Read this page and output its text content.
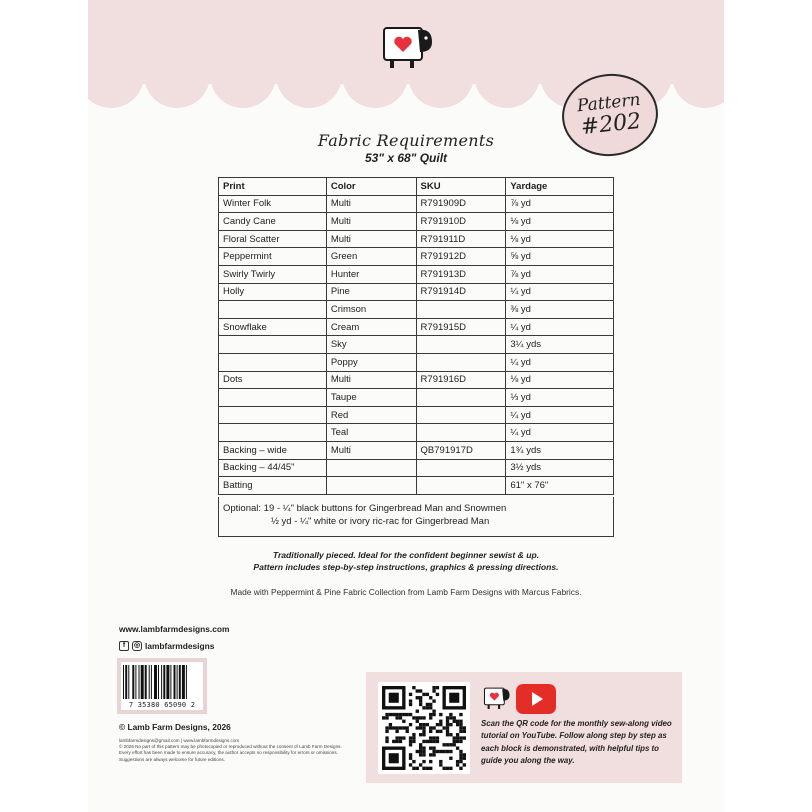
Pattern
#202
Fabric Requirements
53" x 68" Quilt
Print	Color	SKU	Yardage
Winter Folk	Multi	R791909D	⅞ yd
Candy Cane	Multi	R791910D	⅛ yd
Floral Scatter	Multi	R791911D	⅛ yd
Peppermint	Green	R791912D	⅝ yd
Swirly Twirly	Hunter	R791913D	⅞ yd
Holly	Pine	R791914D	¼ yd
	Crimson		⅜ yd
Snowflake	Cream	R791915D	¼ yd
	Sky		3¼ yds
	Poppy		¼ yd
Dots	Multi	R791916D	⅛ yd
	Taupe		⅓ yd
	Red		¼ yd
	Teal		¼ yd
Backing – wide	Multi	QB791917D	1¾ yds
Backing – 44/45"			3½ yds
Batting			61" x 76"
Optional: 19 - ¼" black buttons for Gingerbread Man and Snowmen
½ yd - ¼" white or ivory ric-rac for Gingerbread Man
Traditionally pieced. Ideal for the confident beginner sewist & up.
Pattern includes step-by-step instructions, graphics & pressing directions.
Made with Peppermint & Pine Fabric Collection from Lamb Farm Designs with Marcus Fabrics.
www.lambfarmdesigns.com
f	◎ lambfarmdesigns
7 35380 65090 2
© Lamb Farm Designs, 2026
lambfarmdesigns@gmail.com | www.lambfarmdesigns.com
© 2026 No part of this pattern may be photocopied or reproduced without the consent of Lamb Farm Designs. Every effort has been made to ensure accuracy, the author accepts no responsibility for errors or omissions. Suggestions are always welcome for future editions.
Scan the QR code for the monthly sew-along video tutorial on YouTube. Follow along step by step as each block is demonstrated, with helpful tips to guide you along the way.
